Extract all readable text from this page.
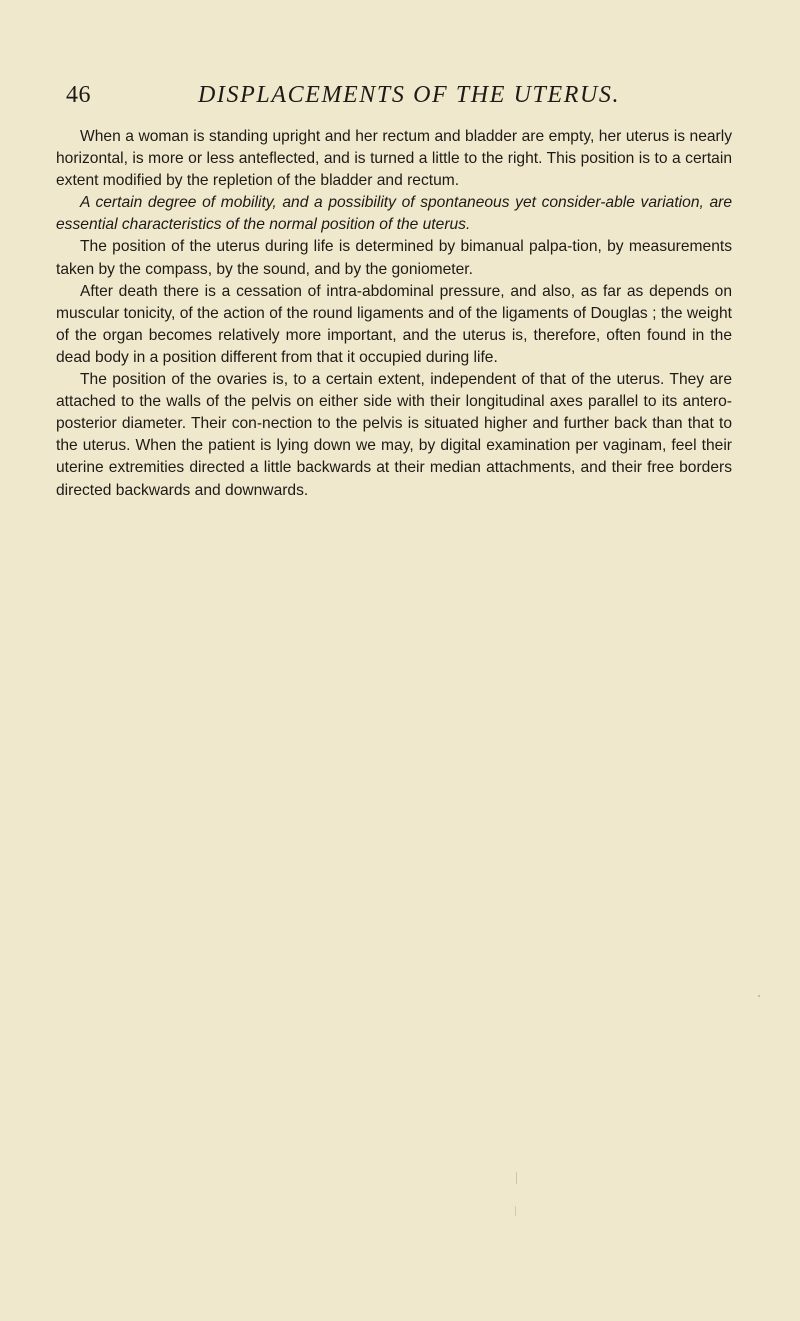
46	DISPLACEMENTS OF THE UTERUS.

When a woman is standing upright and her rectum and bladder are empty, her uterus is nearly horizontal, is more or less anteflected, and is turned a little to the right. This position is to a certain extent modified by the repletion of the bladder and rectum.

A certain degree of mobility, and a possibility of spontaneous yet consider-able variation, are essential characteristics of the normal position of the uterus.

The position of the uterus during life is determined by bimanual palpa-tion, by measurements taken by the compass, by the sound, and by the goniometer.

After death there is a cessation of intra-abdominal pressure, and also, as far as depends on muscular tonicity, of the action of the round ligaments and of the ligaments of Douglas ; the weight of the organ becomes relatively more important, and the uterus is, therefore, often found in the dead body in a position different from that it occupied during life.

The position of the ovaries is, to a certain extent, independent of that of the uterus. They are attached to the walls of the pelvis on either side with their longitudinal axes parallel to its antero-posterior diameter. Their con-nection to the pelvis is situated higher and further back than that to the uterus. When the patient is lying down we may, by digital examination per vaginam, feel their uterine extremities directed a little backwards at their median attachments, and their free borders directed backwards and downwards.
